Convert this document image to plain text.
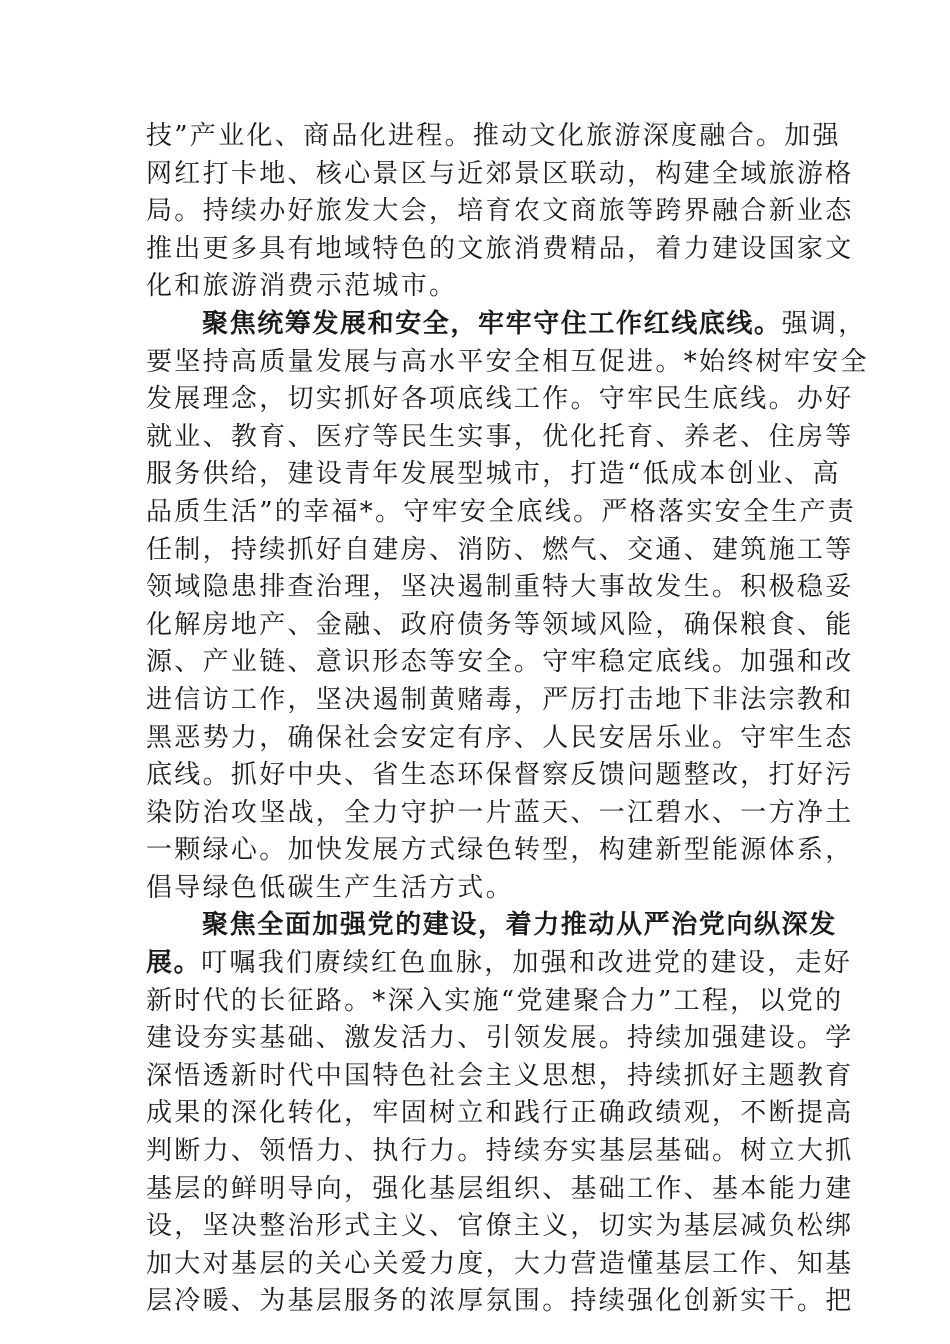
技”产业化、商品化进程。推动文化旅游深度融合。加强
网红打卡地、核心景区与近郊景区联动，构建全域旅游格
局。持续办好旅发大会，培育农文商旅等跨界融合新业态
推出更多具有地域特色的文旅消费精品，着力建设国家文
化和旅游消费示范城市。
聚焦统筹发展和安全，牢牢守住工作红线底线。强调，
要坚持高质量发展与高水平安全相互促进。*始终树牢安全
发展理念，切实抓好各项底线工作。守牢民生底线。办好
就业、教育、医疗等民生实事，优化托育、养老、住房等
服务供给，建设青年发展型城市，打造“低成本创业、高
品质生活”的幸福*。守牢安全底线。严格落实安全生产责
任制，持续抓好自建房、消防、燃气、交通、建筑施工等
领域隐患排查治理，坚决遏制重特大事故发生。积极稳妥
化解房地产、金融、政府债务等领域风险，确保粮食、能
源、产业链、意识形态等安全。守牢稳定底线。加强和改
进信访工作，坚决遏制黄赌毒，严厉打击地下非法宗教和
黑恶势力，确保社会安定有序、人民安居乐业。守牢生态
底线。抓好中央、省生态环保督察反馈问题整改，打好污
染防治攻坚战，全力守护一片蓝天、一江碧水、一方净土
一颗绿心。加快发展方式绿色转型，构建新型能源体系，
倡导绿色低碳生产生活方式。
聚焦全面加强党的建设，着力推动从严治党向纵深发
展。叮嘱我们赓续红色血脉，加强和改进党的建设，走好
新时代的长征路。*深入实施“党建聚合力”工程，以党的
建设夯实基础、激发活力、引领发展。持续加强建设。学
深悟透新时代中国特色社会主义思想，持续抓好主题教育
成果的深化转化，牢固树立和践行正确政绩观，不断提高
判断力、领悟力、执行力。持续夯实基层基础。树立大抓
基层的鲜明导向，强化基层组织、基础工作、基本能力建
设，坚决整治形式主义、官僚主义，切实为基层减负松绑
加大对基层的关心关爱力度，大力营造懂基层工作、知基
层冷暖、为基层服务的浓厚氛围。持续强化创新实干。把
